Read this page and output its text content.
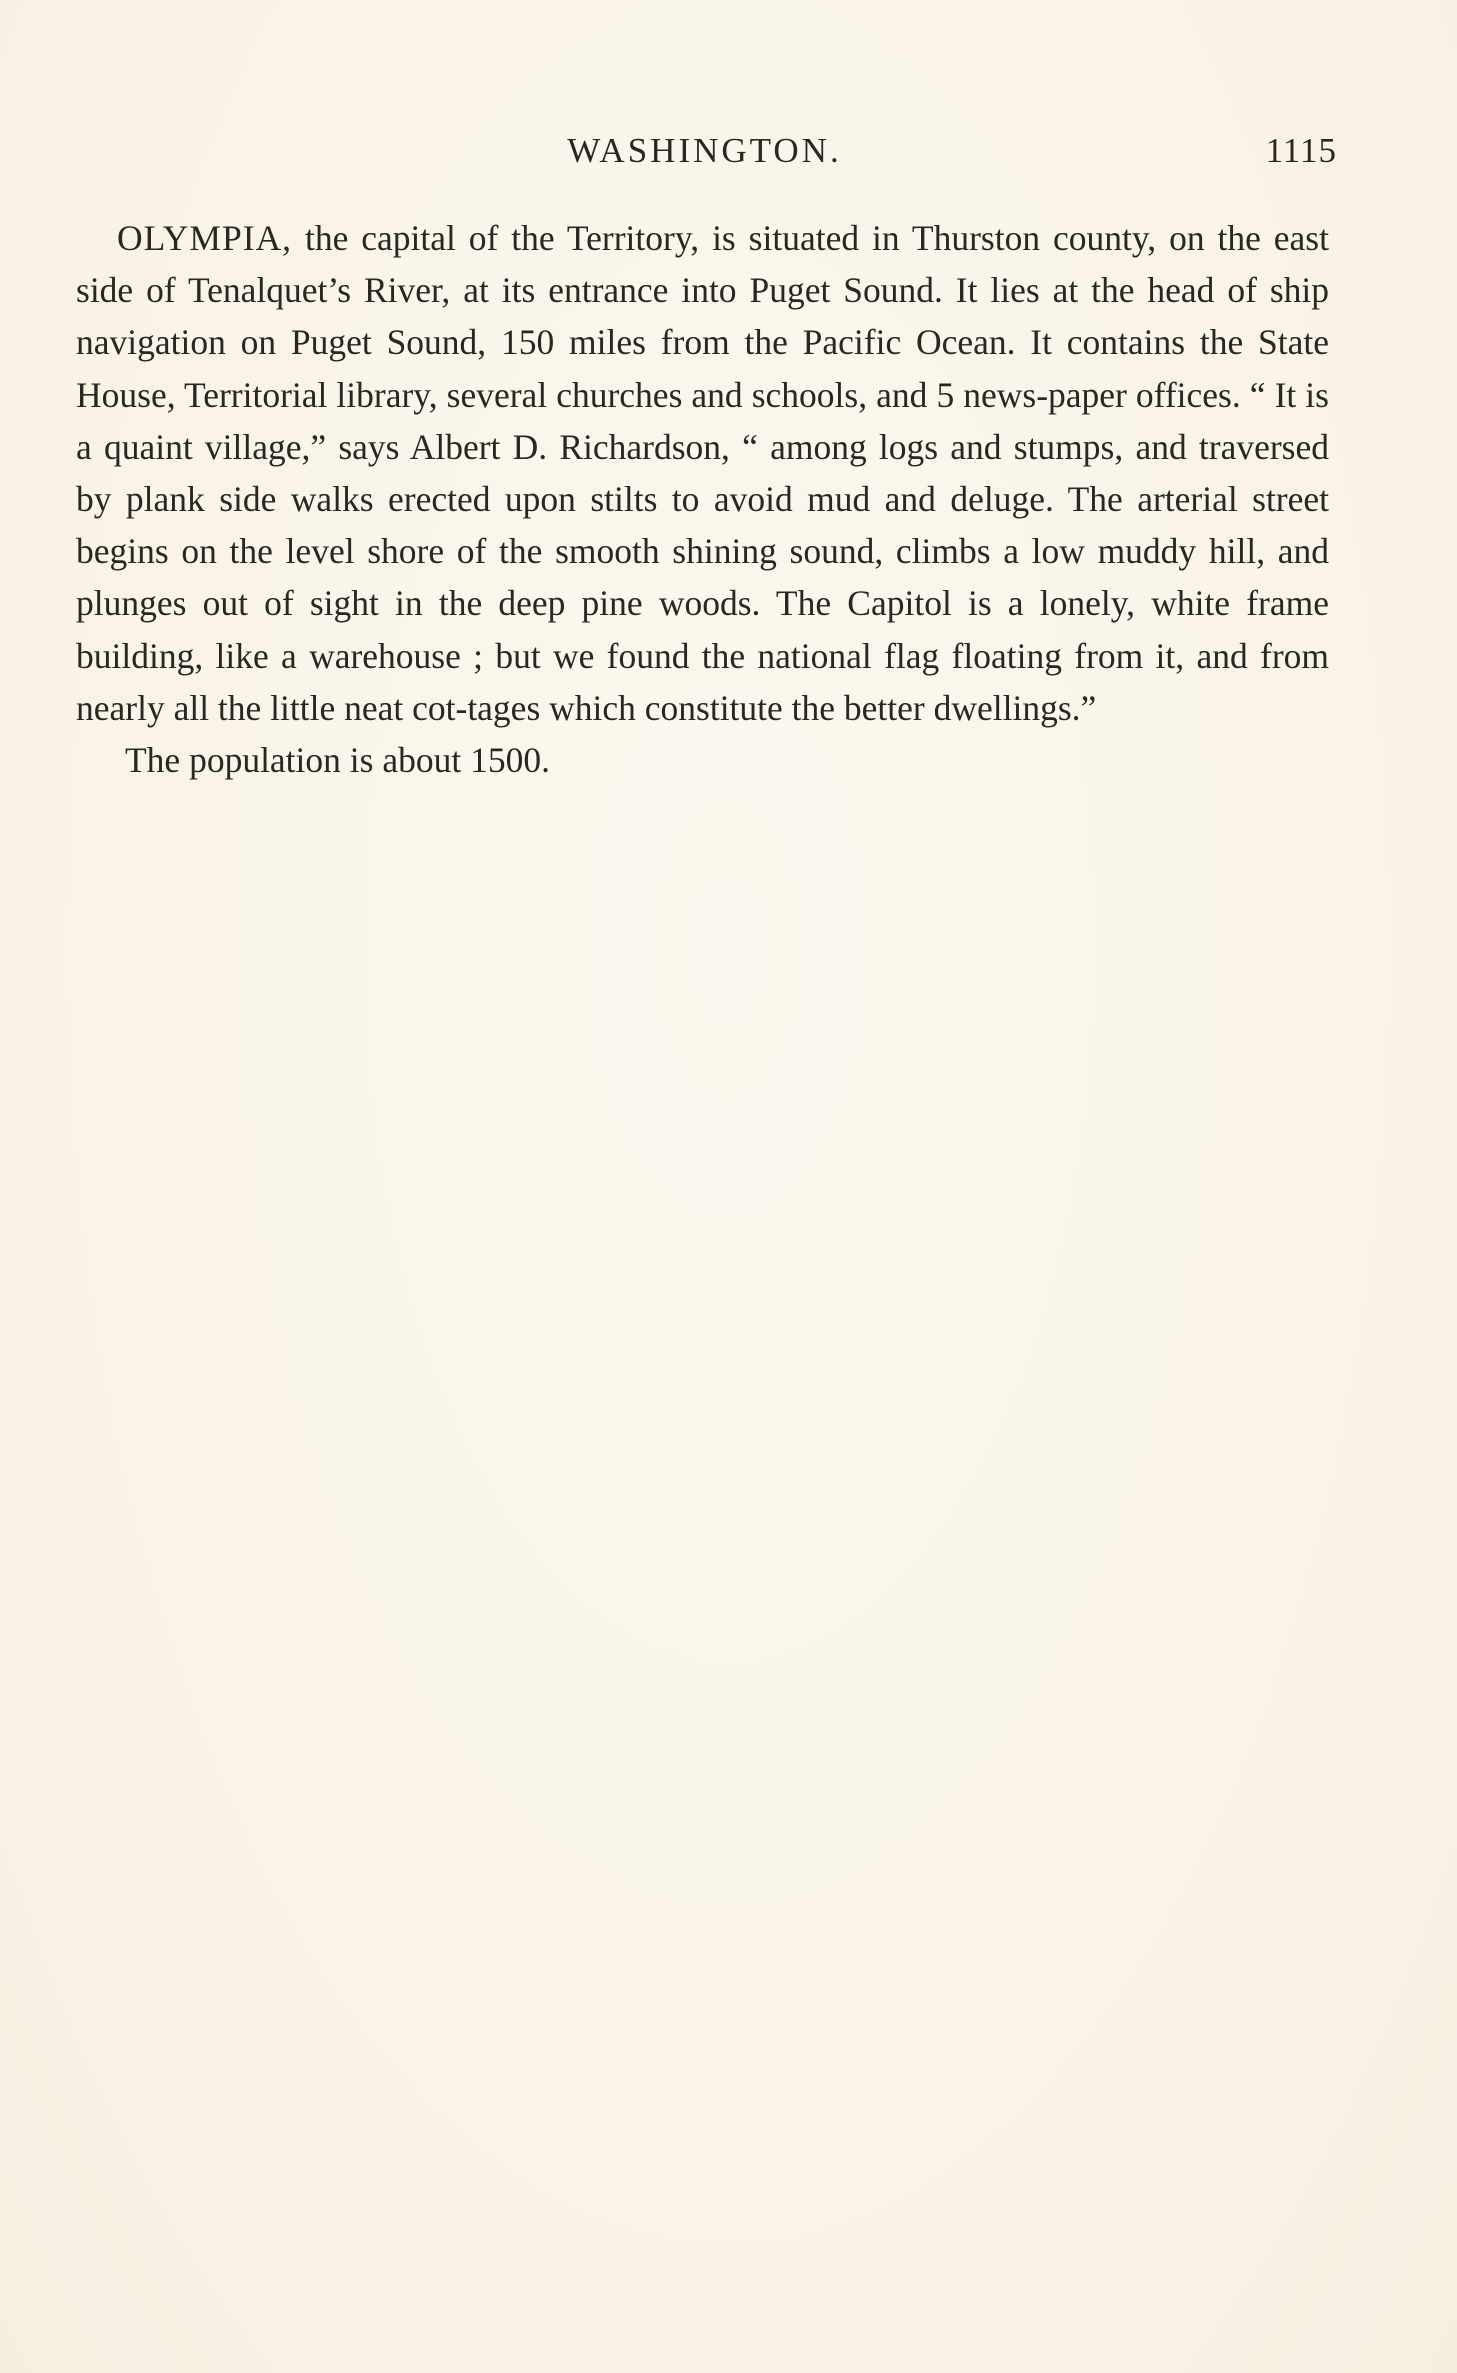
WASHINGTON.	1115

OLYMPIA, the capital of the Territory, is situated in Thurston county, on the east side of Tenalquet’s River, at its entrance into Puget Sound. It lies at the head of ship navigation on Puget Sound, 150 miles from the Pacific Ocean. It contains the State House, Territorial library, several churches and schools, and 5 news-paper offices. “ It is a quaint village,” says Albert D. Richardson, “ among logs and stumps, and traversed by plank side walks erected upon stilts to avoid mud and deluge. The arterial street begins on the level shore of the smooth shining sound, climbs a low muddy hill, and plunges out of sight in the deep pine woods. The Capitol is a lonely, white frame building, like a warehouse ; but we found the national flag floating from it, and from nearly all the little neat cot-tages which constitute the better dwellings.”

The population is about 1500.
